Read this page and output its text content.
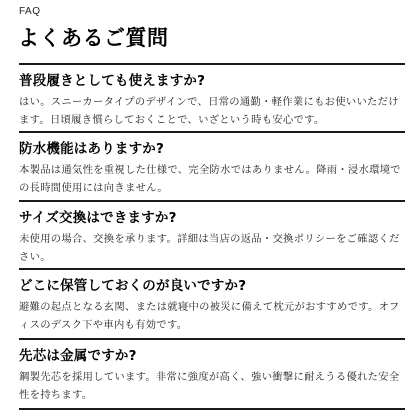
FAQ

よくあるご質問
普段履きとしても使えますか?

はい。スニーカータイプのデザインで、日常の通勤・軽作業にもお使いいただけます。日頃履き慣らしておくことで、いざという時も安心です。

防水機能はありますか?

本製品は通気性を重視した仕様で、完全防水ではありません。降雨・浸水環境での長時間使用には向きません。

サイズ交換はできますか?

未使用の場合、交換を承ります。詳細は当店の返品・交換ポリシーをご確認ください。

どこに保管しておくのが良いですか?

避難の起点となる玄関、または就寝中の被災に備えて枕元がおすすめです。オフィスのデスク下や車内も有効です。

先芯は金属ですか?

鋼製先芯を採用しています。非常に強度が高く、強い衝撃に耐えうる優れた安全性を持ちます。
